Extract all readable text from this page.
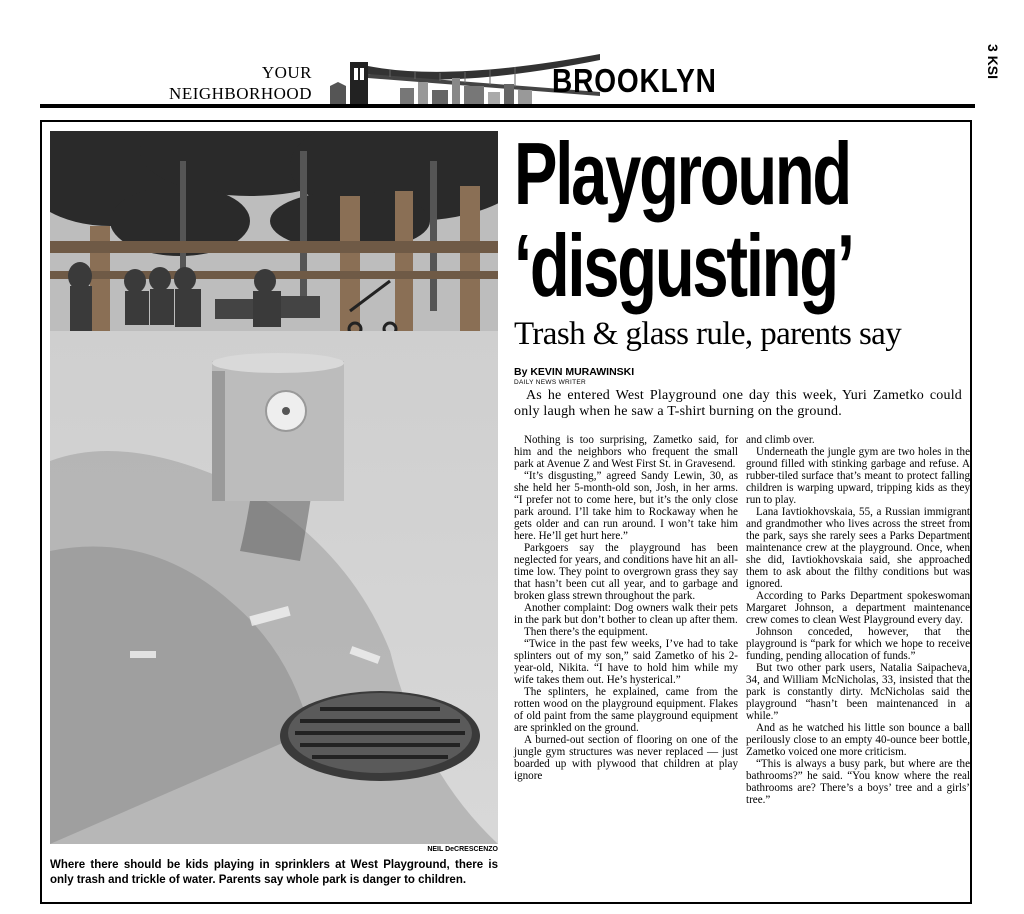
YOUR
NEIGHBORHOOD	BROOKLYN
3 KSI
NEIL DeCRESCENZO
Where there should be kids playing in sprinklers at West Playground, there is only trash and trickle of water. Parents say whole park is danger to children.
Playground
‘disgusting’
Trash & glass rule, parents say
By KEVIN MURAWINSKI
DAILY NEWS WRITER
As he entered West Playground one day this week, Yuri Zametko could only laugh when he saw a T-shirt burning on the ground.

Nothing is too surprising, Zametko said, for him and the neighbors who frequent the small park at Avenue Z and West First St. in Gravesend.

“It’s disgusting,” agreed Sandy Lewin, 30, as she held her 5-month-old son, Josh, in her arms. “I prefer not to come here, but it’s the only close park around. I’ll take him to Rockaway when he gets older and can run around. I won’t take him here. He’ll get hurt here.”

Parkgoers say the playground has been neglected for years, and conditions have hit an all-time low. They point to overgrown grass they say that hasn’t been cut all year, and to garbage and broken glass strewn throughout the park.

Another complaint: Dog owners walk their pets in the park but don’t bother to clean up after them.

Then there’s the equipment.

“Twice in the past few weeks, I’ve had to take splinters out of my son,” said Zametko of his 2-year-old, Nikita. “I have to hold him while my wife takes them out. He’s hysterical.”

The splinters, he explained, came from the rotten wood on the playground equipment. Flakes of old paint from the same playground equipment are sprinkled on the ground.

A burned-out section of flooring on one of the jungle gym structures was never replaced — just boarded up with plywood that children at play ignore

and climb over.

Underneath the jungle gym are two holes in the ground filled with stinking garbage and refuse. A rubber-tiled surface that’s meant to protect falling children is warping upward, tripping kids as they run to play.

Lana Iavtiokhovskaia, 55, a Russian immigrant and grandmother who lives across the street from the park, says she rarely sees a Parks Department maintenance crew at the playground. Once, when she did, Iavtiokhovskaia said, she approached them to ask about the filthy conditions but was ignored.

According to Parks Department spokeswoman Margaret Johnson, a department maintenance crew comes to clean West Playground every day.

Johnson conceded, however, that the playground is “park for which we hope to receive funding, pending allocation of funds.”

But two other park users, Natalia Saipacheva, 34, and William McNicholas, 33, insisted that the park is constantly dirty. McNicholas said the playground “hasn’t been maintenanced in a while.”

And as he watched his little son bounce a ball perilously close to an empty 40-ounce beer bottle, Zametko voiced one more criticism.

“This is always a busy park, but where are the bathrooms?” he said. “You know where the real bathrooms are? There’s a boys’ tree and a girls’ tree.”
